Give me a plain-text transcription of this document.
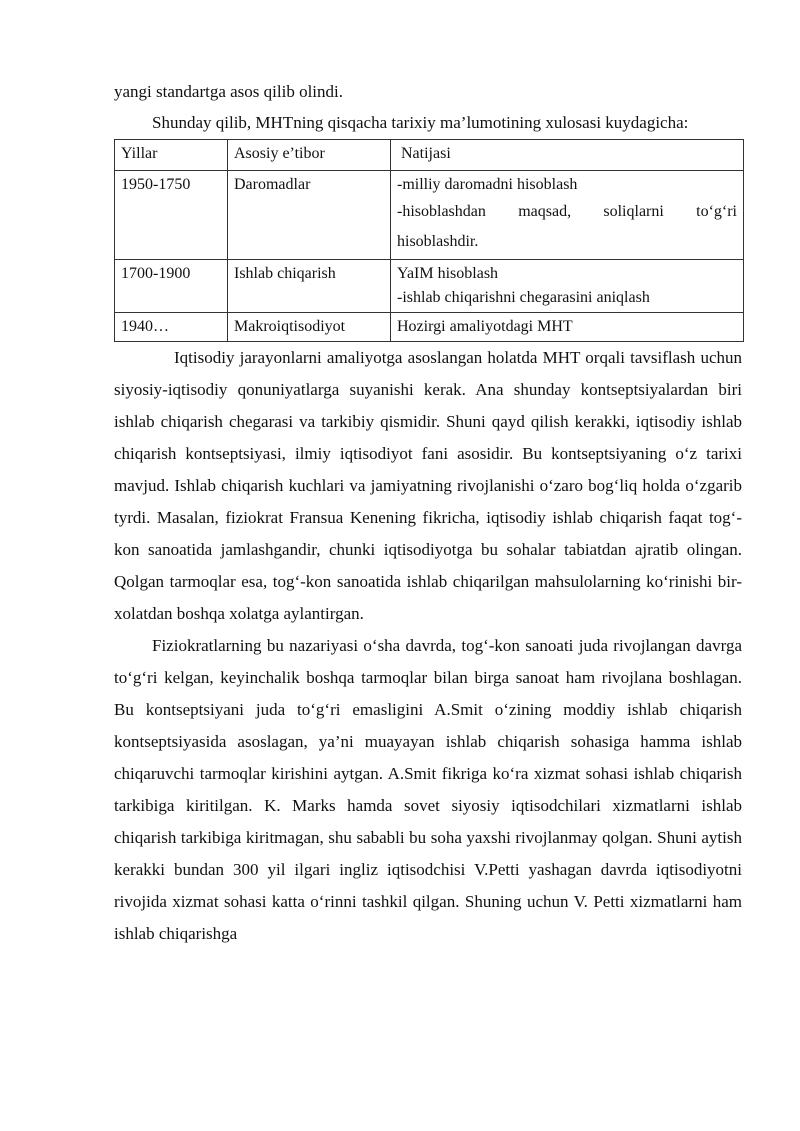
yangi standartga asos qilib olindi.

Shunday qilib, MHTning qisqacha tarixiy ma’lumotining xulosasi kuydagicha:

Yillar	Asosiy e’tibor	Natijasi
1950-1750	Daromadlar	-milliy daromadni hisoblash
-hisoblashdan maqsad, soliqlarni to‘g‘ri hisoblashdir.

1700-1900	Ishlab chiqarish	YaIM hisoblash
-ishlab chiqarishni chegarasini aniqlash

1940…	Makroiqtisodiyot	Hozirgi amaliyotdagi MHT

Iqtisodiy jarayonlarni amaliyotga asoslangan holatda MHT orqali tavsiflash uchun siyosiy-iqtisodiy qonuniyatlarga suyanishi kerak. Ana shunday kontseptsiyalardan biri ishlab chiqarish chegarasi va tarkibiy qismidir. Shuni qayd qilish kerakki, iqtisodiy ishlab chiqarish kontseptsiyasi, ilmiy iqtisodiyot fani asosidir. Bu kontseptsiyaning o‘z tarixi mavjud. Ishlab chiqarish kuchlari va jamiyatning rivojlanishi o‘zaro bog‘liq holda o‘zgarib tyrdi. Masalan, fiziokrat Fransua Kenening fikricha, iqtisodiy ishlab chiqarish faqat tog‘-kon sanoatida jamlashgandir, chunki iqtisodiyotga bu sohalar tabiatdan ajratib olingan. Qolgan tarmoqlar esa, tog‘-kon sanoatida ishlab chiqarilgan mahsulolarning ko‘rinishi bir-xolatdan boshqa xolatga aylantirgan.

Fiziokratlarning bu nazariyasi o‘sha davrda, tog‘-kon sanoati juda rivojlangan davrga to‘g‘ri kelgan, keyinchalik boshqa tarmoqlar bilan birga sanoat ham rivojlana boshlagan. Bu kontseptsiyani juda to‘g‘ri emasligini A.Smit o‘zining moddiy ishlab chiqarish kontseptsiyasida asoslagan, ya’ni muayayan ishlab chiqarish sohasiga hamma ishlab chiqaruvchi tarmoqlar kirishini aytgan. A.Smit fikriga ko‘ra xizmat sohasi ishlab chiqarish tarkibiga kiritilgan. K. Marks hamda sovet siyosiy iqtisodchilari xizmatlarni ishlab chiqarish tarkibiga kiritmagan, shu sababli bu soha yaxshi rivojlanmay qolgan. Shuni aytish kerakki bundan 300 yil ilgari ingliz iqtisodchisi V.Petti yashagan davrda iqtisodiyotni rivojida xizmat sohasi katta o‘rinni tashkil qilgan. Shuning uchun V. Petti xizmatlarni ham ishlab chiqarishga
